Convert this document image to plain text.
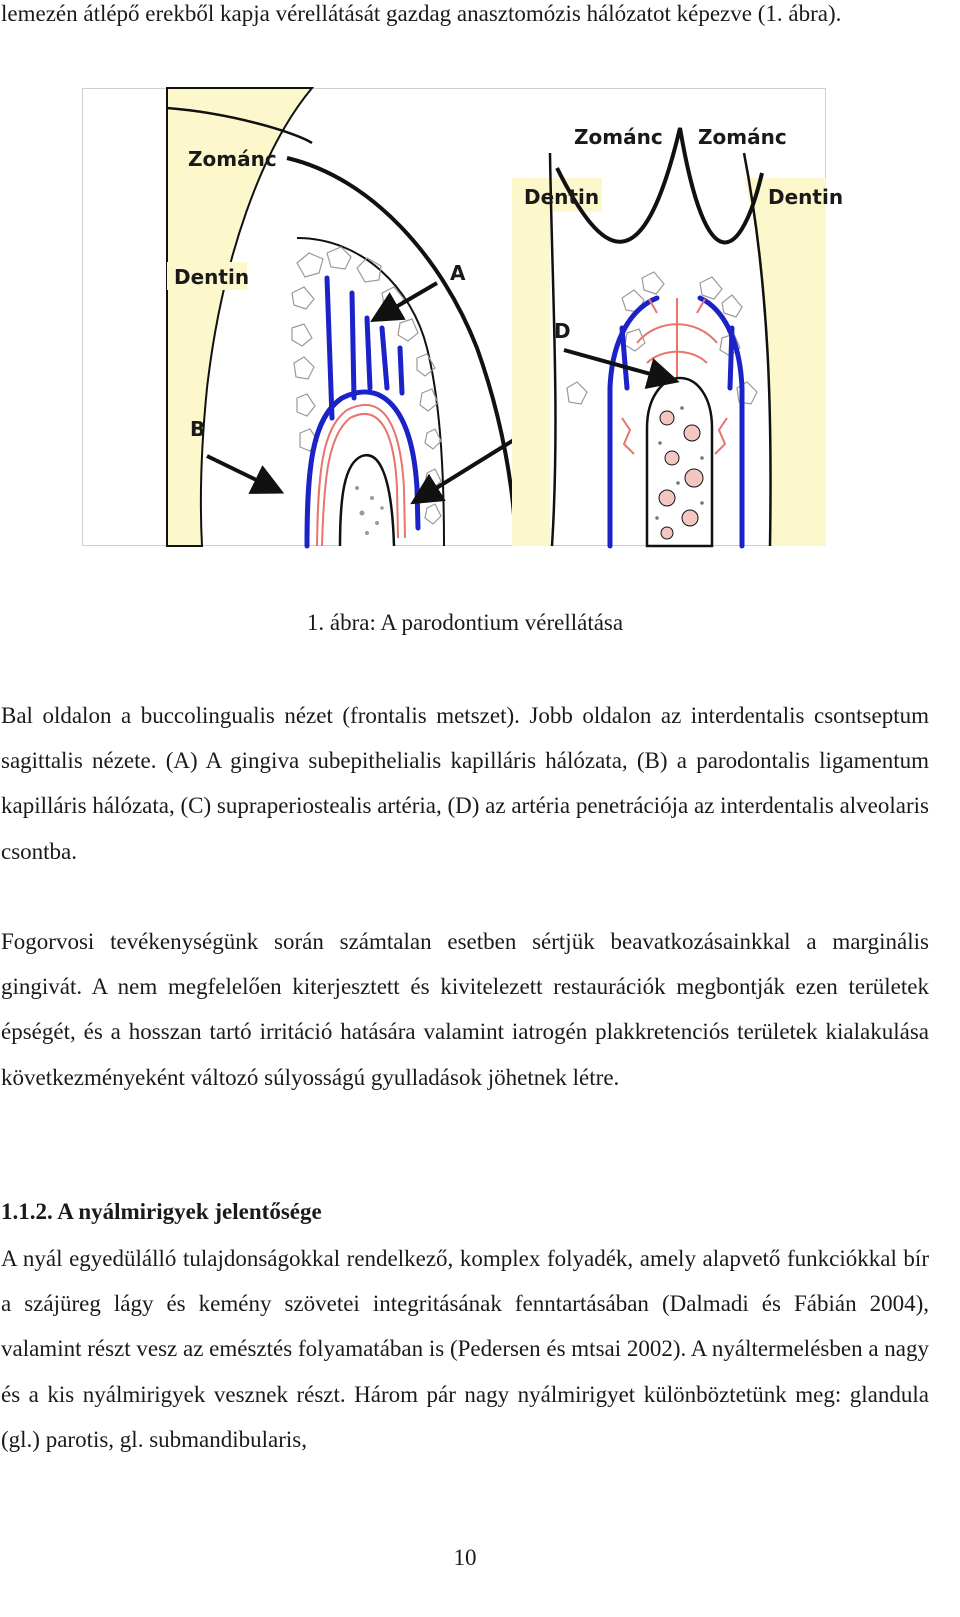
lemezén átlépő erekből kapja vérellátását gazdag anasztomózis hálózatot képezve (1. ábra).

Zománc
Dentin	A
B
Zománc Zománc
Dentin	Dentin
D
1. ábra: A parodontium vérellátása

Bal oldalon a buccolingualis nézet (frontalis metszet). Jobb oldalon az interdentalis csontseptum sagittalis nézete. (A) A gingiva subepithelialis kapilláris hálózata, (B) a parodontalis ligamentum kapilláris hálózata, (C) supraperiostealis artéria, (D) az artéria penetrációja az interdentalis alveolaris csontba.

Fogorvosi tevékenységünk során számtalan esetben sértjük beavatkozásainkkal a marginális gingivát. A nem megfelelően kiterjesztett és kivitelezett restaurációk megbontják ezen területek épségét, és a hosszan tartó irritáció hatására valamint iatrogén plakkretenciós területek kialakulása következményeként változó súlyosságú gyulladások jöhetnek létre.

1.1.2. A nyálmirigyek jelentősége

A nyál egyedülálló tulajdonságokkal rendelkező, komplex folyadék, amely alapvető funkciókkal bír a szájüreg lágy és kemény szövetei integritásának fenntartásában (Dalmadi és Fábián 2004), valamint részt vesz az emésztés folyamatában is (Pedersen és mtsai 2002). A nyáltermelésben a nagy és a kis nyálmirigyek vesznek részt. Három pár nagy nyálmirigyet különböztetünk meg: glandula (gl.) parotis, gl. submandibularis,

10
